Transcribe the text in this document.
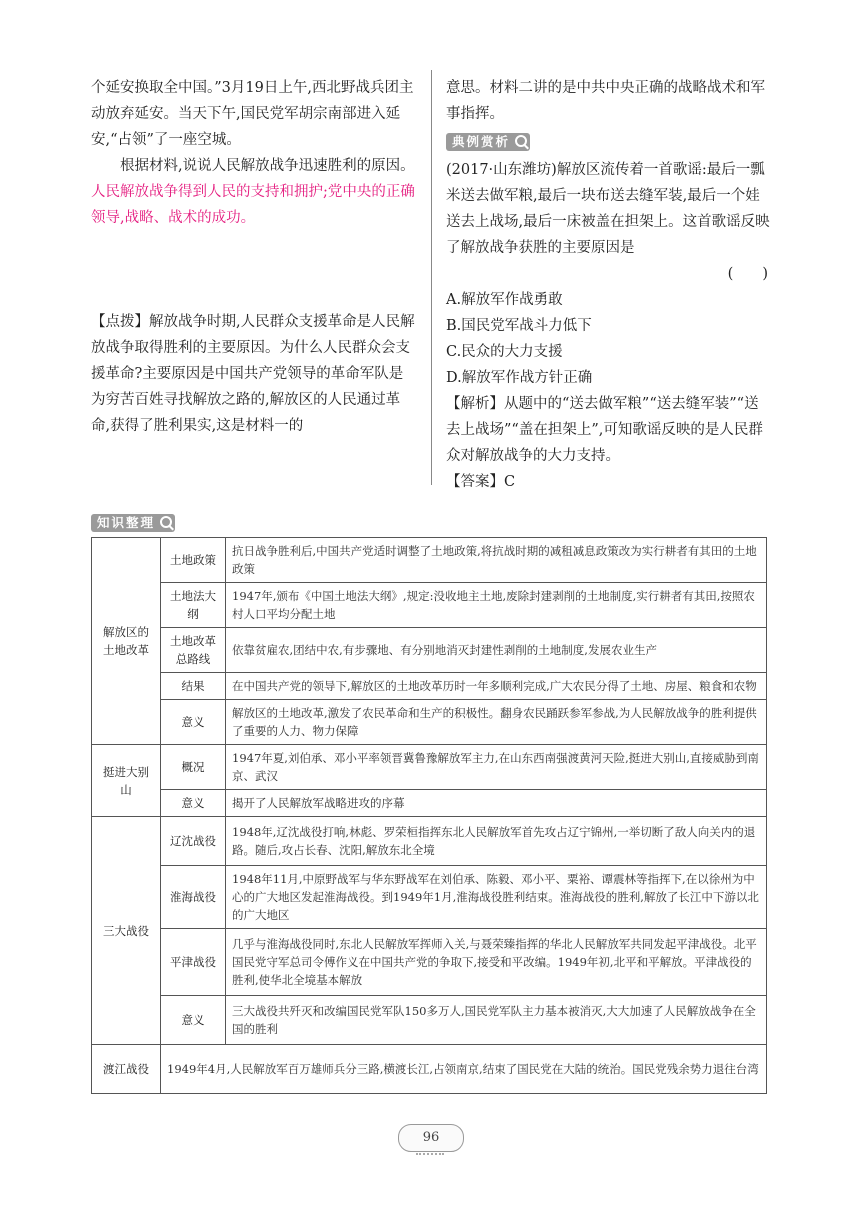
个延安换取全中国。”3月19日上午,西北野战兵团主动放弃延安。当天下午,国民党军胡宗南部进入延安,“占领”了一座空城。

根据材料,说说人民解放战争迅速胜利的原因。

人民解放战争得到人民的支持和拥护;党中央的正确领导,战略、战术的成功。

【点拨】解放战争时期,人民群众支援革命是人民解放战争取得胜利的主要原因。为什么人民群众会支援革命?主要原因是中国共产党领导的革命军队是为穷苦百姓寻找解放之路的,解放区的人民通过革命,获得了胜利果实,这是材料一的

意思。材料二讲的是中共中央正确的战略战术和军事指挥。

典例赏析

(2017·山东潍坊)解放区流传着一首歌谣:最后一瓢米送去做军粮,最后一块布送去缝军装,最后一个娃送去上战场,最后一床被盖在担架上。这首歌谣反映了解放战争获胜的主要原因是

(　　)

A.解放军作战勇敢

B.国民党军战斗力低下

C.民众的大力支援

D.解放军作战方针正确

【解析】从题中的“送去做军粮”“送去缝军装”“送去上战场”“盖在担架上”,可知歌谣反映的是人民群众对解放战争的大力支持。

【答案】C

知识整理
解放区的土地改革	土地政策	抗日战争胜利后,中国共产党适时调整了土地政策,将抗战时期的减租减息政策改为实行耕者有其田的土地政策
	土地法大纲	1947年,颁布《中国土地法大纲》,规定:没收地主土地,废除封建剥削的土地制度,实行耕者有其田,按照农村人口平均分配土地
	土地改革总路线	依靠贫雇农,团结中农,有步骤地、有分别地消灭封建性剥削的土地制度,发展农业生产
	结果	在中国共产党的领导下,解放区的土地改革历时一年多顺利完成,广大农民分得了土地、房屋、粮食和农物
	意义	解放区的土地改革,激发了农民革命和生产的积极性。翻身农民踊跃参军参战,为人民解放战争的胜利提供了重要的人力、物力保障
挺进大别山	概况	1947年夏,刘伯承、邓小平率领晋冀鲁豫解放军主力,在山东西南强渡黄河天险,挺进大别山,直接威胁到南京、武汉
	意义	揭开了人民解放军战略进攻的序幕
三大战役	辽沈战役	1948年,辽沈战役打响,林彪、罗荣桓指挥东北人民解放军首先攻占辽宁锦州,一举切断了敌人向关内的退路。随后,攻占长春、沈阳,解放东北全境
	淮海战役	1948年11月,中原野战军与华东野战军在刘伯承、陈毅、邓小平、粟裕、谭震林等指挥下,在以徐州为中心的广大地区发起淮海战役。到1949年1月,淮海战役胜利结束。淮海战役的胜利,解放了长江中下游以北的广大地区
	平津战役	几乎与淮海战役同时,东北人民解放军挥师入关,与聂荣臻指挥的华北人民解放军共同发起平津战役。北平国民党守军总司令傅作义在中国共产党的争取下,接受和平改编。1949年初,北平和平解放。平津战役的胜利,使华北全境基本解放
	意义	三大战役共歼灭和改编国民党军队150多万人,国民党军队主力基本被消灭,大大加速了人民解放战争在全国的胜利
渡江战役	1949年4月,人民解放军百万雄师兵分三路,横渡长江,占领南京,结束了国民党在大陆的统治。国民党残余势力退往台湾	
96
